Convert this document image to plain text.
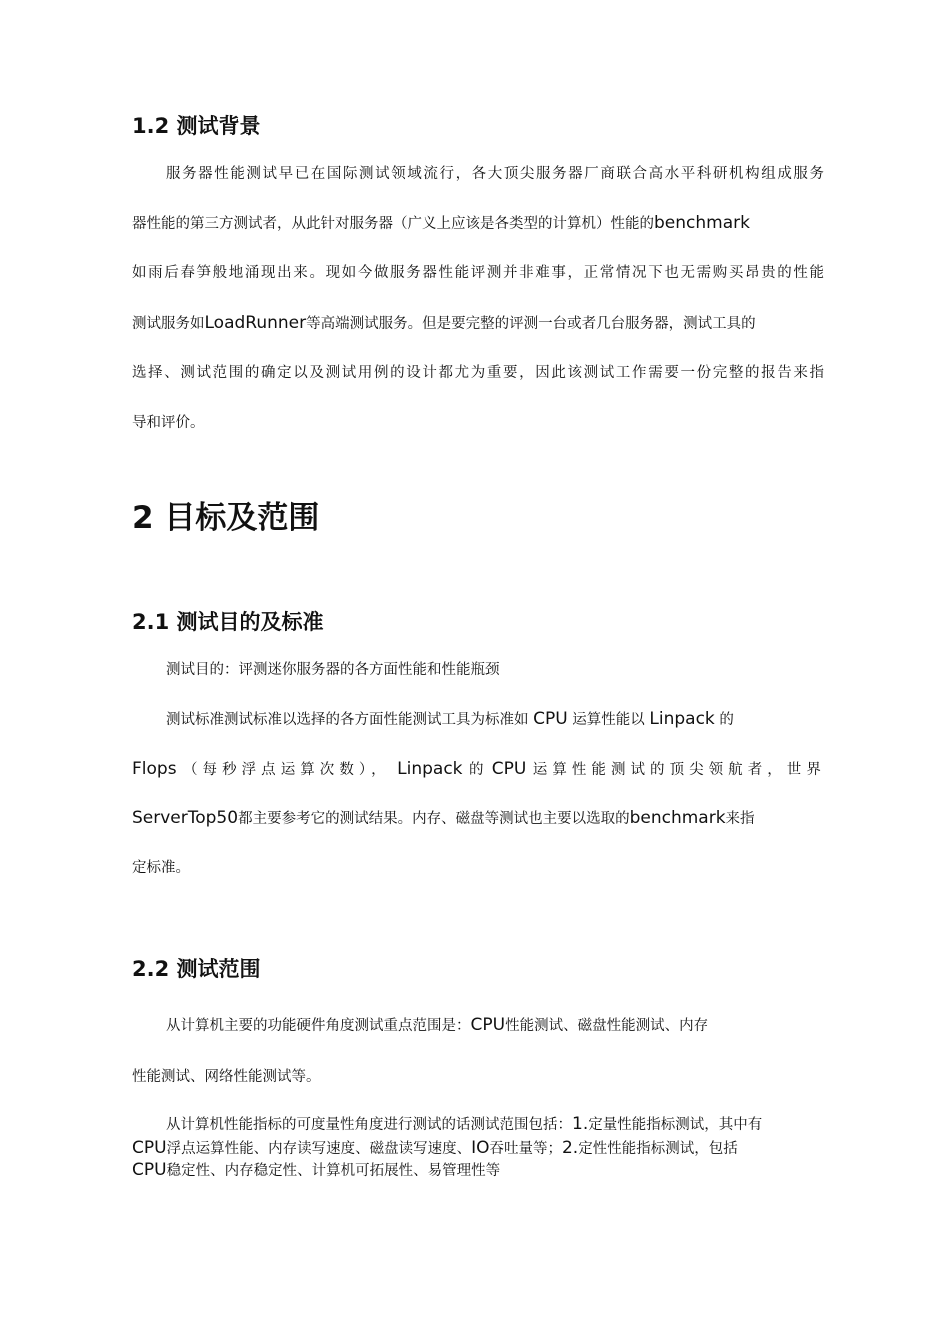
1.2 测试背景
服务器性能测试早已在国际测试领域流行，各大顶尖服务器厂商联合高水平科研机构组成服务
器性能的第三方测试者，从此针对服务器（广义上应该是各类型的计算机）性能的benchmark
如雨后春笋般地涌现出来。现如今做服务器性能评测并非难事，正常情况下也无需购买昂贵的性能
测试服务如LoadRunner等高端测试服务。但是要完整的评测一台或者几台服务器，测试工具的
选择、测试范围的确定以及测试用例的设计都尤为重要，因此该测试工作需要一份完整的报告来指
导和评价。
2 目标及范围
2.1 测试目的及标准
测试目的：评测迷你服务器的各方面性能和性能瓶颈
测试标准测试标准以选择的各方面性能测试工具为标准如 CPU 运算性能以 Linpack 的
Flops （每秒浮点运算次数）， Linpack 的 CPU 运算性能测试的顶尖领航者，世界
ServerTop50都主要参考它的测试结果。内存、磁盘等测试也主要以选取的benchmark来指
定标准。
2.2 测试范围
从计算机主要的功能硬件角度测试重点范围是：CPU性能测试、磁盘性能测试、内存
性能测试、网络性能测试等。
从计算机性能指标的可度量性角度进行测试的话测试范围包括：1.定量性能指标测试，其中有
CPU浮点运算性能、内存读写速度、磁盘读写速度、IO吞吐量等；2.定性性能指标测试，包括
CPU稳定性、内存稳定性、计算机可拓展性、易管理性等
